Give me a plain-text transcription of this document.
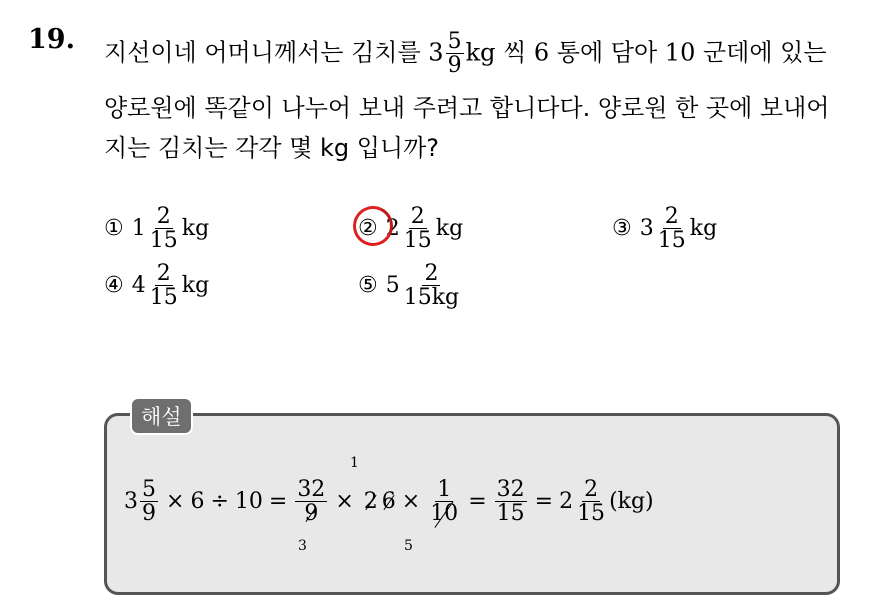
19. 지선이네 어머니께서는 김치를 $3 \frac{5}{9}$ kg 씩 6 통에 담아 10 군데에 있는
양로원에 똑같이 나누어 보내 주려고 합니다다. 양로원 한 곳에 보내어
지는 김치는 각각 몇 kg 입니까?
① $1 \frac{2}{15}$ kg	② $2 \frac{2}{15}$ kg	③ $3 \frac{2}{15}$ kg
④ $4 \frac{2}{15}$ kg	⑤ $5 \frac{2}{15kg}$
해설
$3 \frac{5}{9} \times 6 \div 10 = \frac{32}{9} \times 2$ $6 \times \frac{1}{10} = \frac{32}{15} = 2 \frac{2}{15} (kg)$
1
3	5
